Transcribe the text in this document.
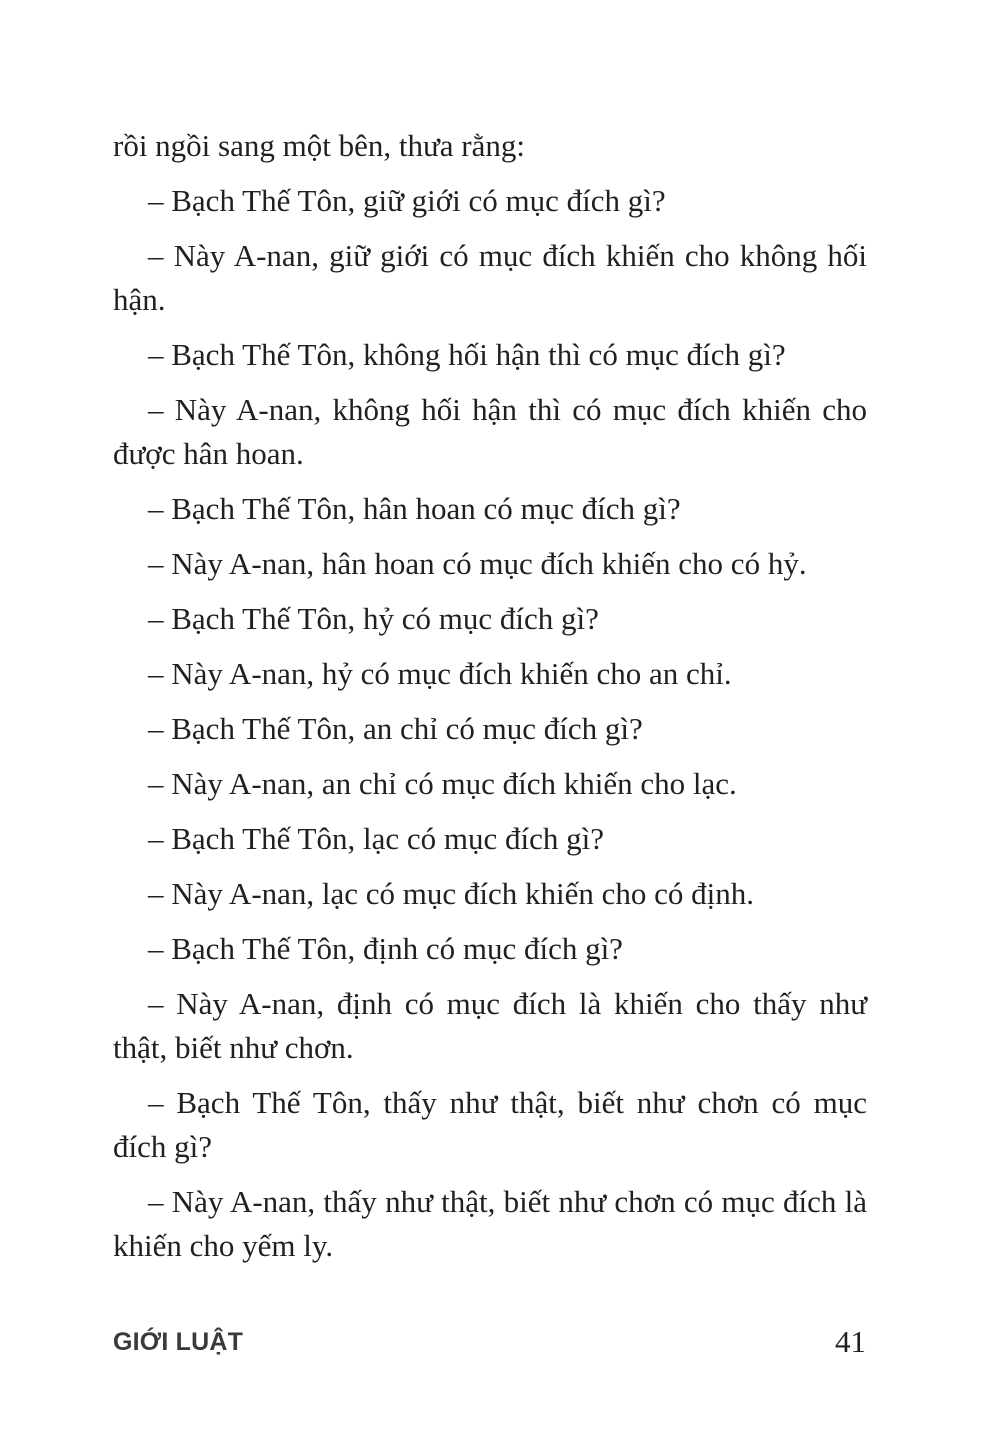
rồi ngồi sang một bên, thưa rằng:

– Bạch Thế Tôn, giữ giới có mục đích gì?

– Này A-nan, giữ giới có mục đích khiến cho không hối hận.

– Bạch Thế Tôn, không hối hận thì có mục đích gì?

– Này A-nan, không hối hận thì có mục đích khiến cho được hân hoan.

– Bạch Thế Tôn, hân hoan có mục đích gì?

– Này A-nan, hân hoan có mục đích khiến cho có hỷ.

– Bạch Thế Tôn, hỷ có mục đích gì?

– Này A-nan, hỷ có mục đích khiến cho an chỉ.

– Bạch Thế Tôn, an chỉ có mục đích gì?

– Này A-nan, an chỉ có mục đích khiến cho lạc.

– Bạch Thế Tôn, lạc có mục đích gì?

– Này A-nan, lạc có mục đích khiến cho có định.

– Bạch Thế Tôn, định có mục đích gì?

– Này A-nan, định có mục đích là khiến cho thấy như thật, biết như chơn.

– Bạch Thế Tôn, thấy như thật, biết như chơn có mục đích gì?

– Này A-nan, thấy như thật, biết như chơn có mục đích là khiến cho yếm ly.

GIỚI LUẬT	41
